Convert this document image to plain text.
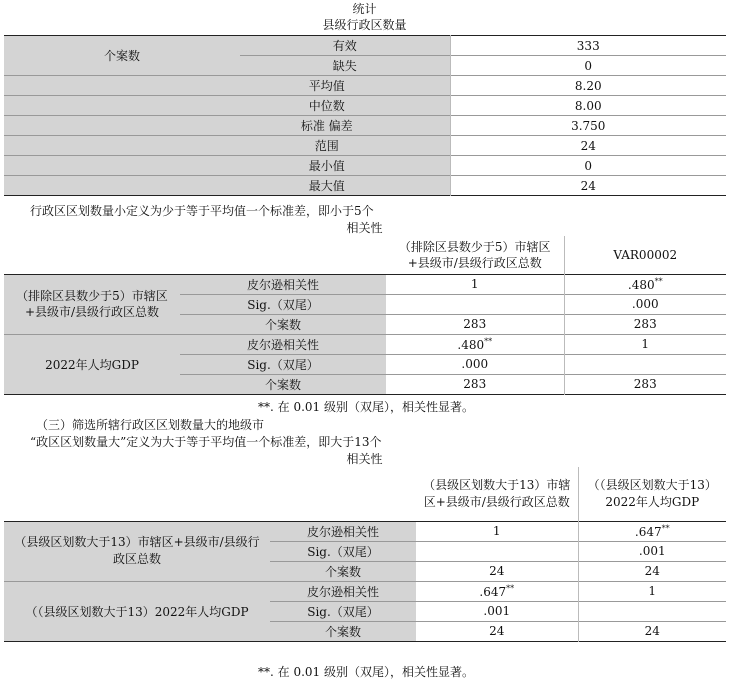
统计
县级行政区数量
个案数	有效	333
	缺失	0
平均值		8.20
中位数		8.00
标准 偏差		3.750
范围		24
最小值		0
最大值		24
行政区区划数量小定义为少于等于平均值一个标准差，即小于5个
相关性
		（排除区县数少于5）市辖区+县级市/县级行政区总数	VAR00002
（排除区县数少于5）市辖区+县级市/县级行政区总数	皮尔逊相关性	1	.480**
	Sig.（双尾）		.000
	个案数	283	283
2022年人均GDP	皮尔逊相关性	.480**	1
	Sig.（双尾）	.000	
	个案数	283	283
**. 在 0.01 级别（双尾），相关性显著。
（三）筛选所辖行政区区划数量大的地级市
“政区区划数量大”定义为大于等于平均值一个标准差，即大于13个
相关性
		（县级区划数大于13）市辖区+县级市/县级行政区总数	（（县级区划数大于13）2022年人均GDP
（县级区划数大于13）市辖区+县级市/县级行政区总数	皮尔逊相关性	1	.647**
	Sig.（双尾）		.001
	个案数	24	24
（（县级区划数大于13）2022年人均GDP	皮尔逊相关性	.647**	1
	Sig.（双尾）	.001	
	个案数	24	24
**. 在 0.01 级别（双尾），相关性显著。
